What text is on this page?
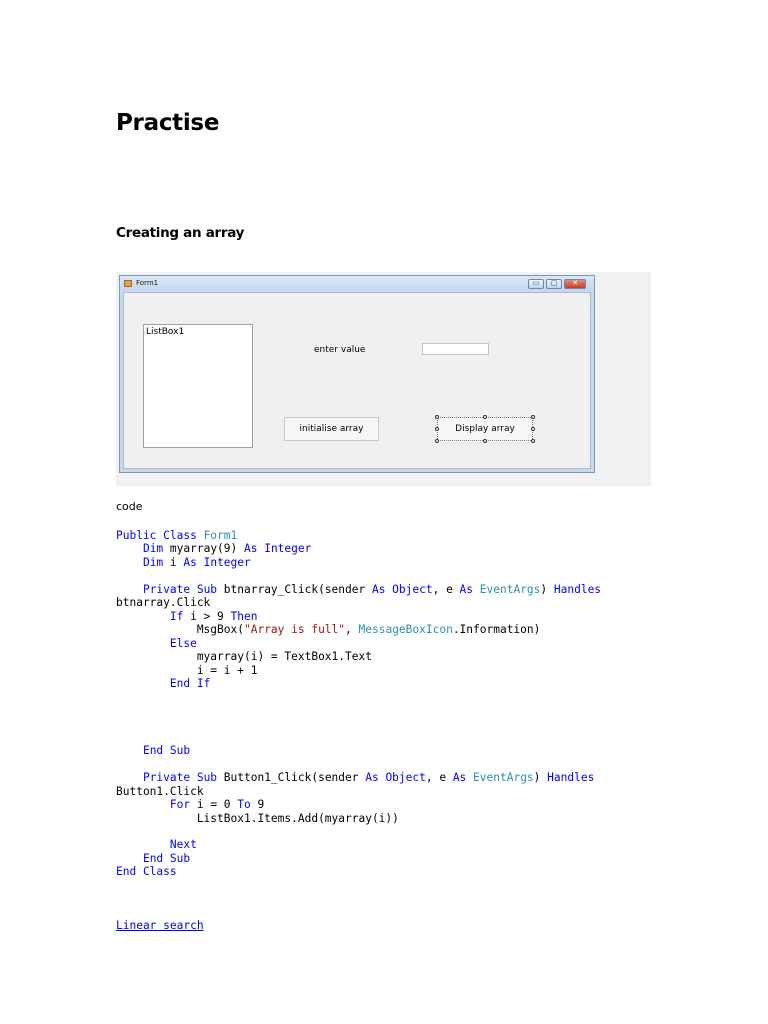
Practise
Creating an array
Form1	▭	▢	✕
ListBox1
enter value
initialise array	Display array
code
Public Class Form1
Dim myarray(9) As Integer
Dim i As Integer

Private Sub btnarray_Click(sender As Object, e As EventArgs) Handles
btnarray.Click
If i > 9 Then
MsgBox("Array is full", MessageBoxIcon.Information)
Else
myarray(i) = TextBox1.Text
i = i + 1
End If

End Sub

Private Sub Button1_Click(sender As Object, e As EventArgs) Handles
Button1.Click
For i = 0 To 9
ListBox1.Items.Add(myarray(i))

Next
End Sub
End Class

Linear search
